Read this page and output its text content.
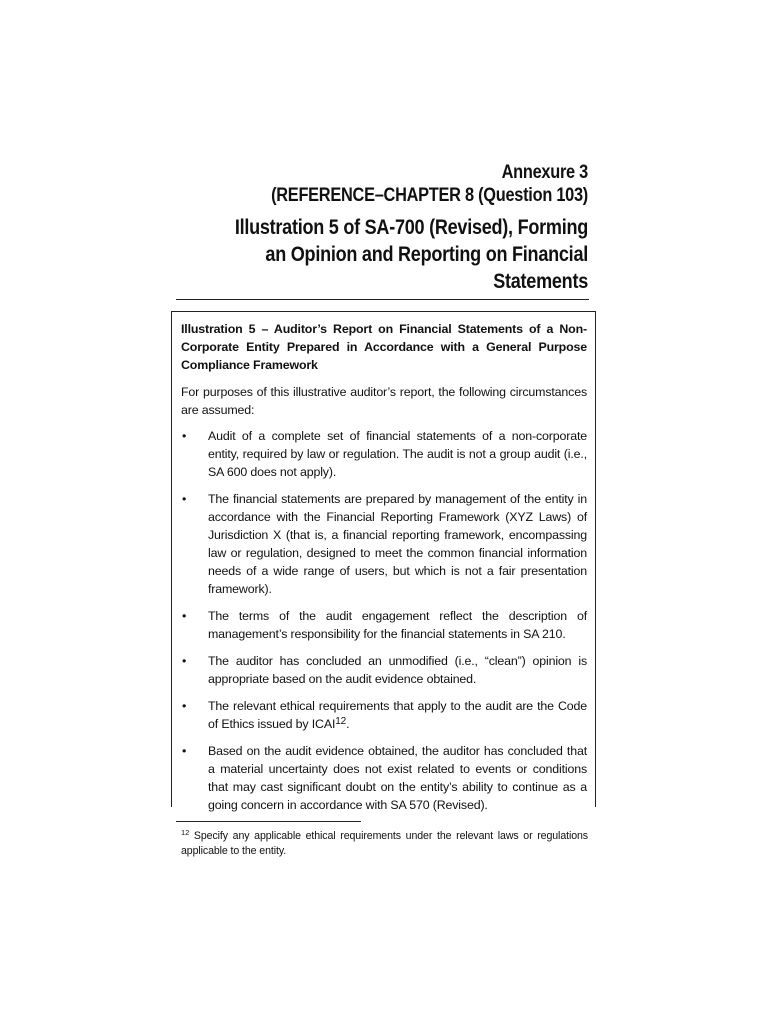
Annexure 3
(REFERENCE–CHAPTER 8 (Question 103)
Illustration 5 of SA-700 (Revised), Forming
an Opinion and Reporting on Financial
Statements

Illustration 5 – Auditor’s Report on Financial Statements of a Non-Corporate Entity Prepared in Accordance with a General Purpose Compliance Framework

For purposes of this illustrative auditor’s report, the following circumstances are assumed:

• Audit of a complete set of financial statements of a non-corporate entity, required by law or regulation. The audit is not a group audit (i.e., SA 600 does not apply).
• The financial statements are prepared by management of the entity in accordance with the Financial Reporting Framework (XYZ Laws) of Jurisdiction X (that is, a financial reporting framework, encompassing law or regulation, designed to meet the common financial information needs of a wide range of users, but which is not a fair presentation framework).
• The terms of the audit engagement reflect the description of management’s responsibility for the financial statements in SA 210.
• The auditor has concluded an unmodified (i.e., “clean”) opinion is appropriate based on the audit evidence obtained.
• The relevant ethical requirements that apply to the audit are the Code of Ethics issued by ICAI$^{12}$.
• Based on the audit evidence obtained, the auditor has concluded that a material uncertainty does not exist related to events or conditions that may cast significant doubt on the entity’s ability to continue as a going concern in accordance with SA 570 (Revised).
$^{12}$ Specify any applicable ethical requirements under the relevant laws or regulations applicable to the entity.
